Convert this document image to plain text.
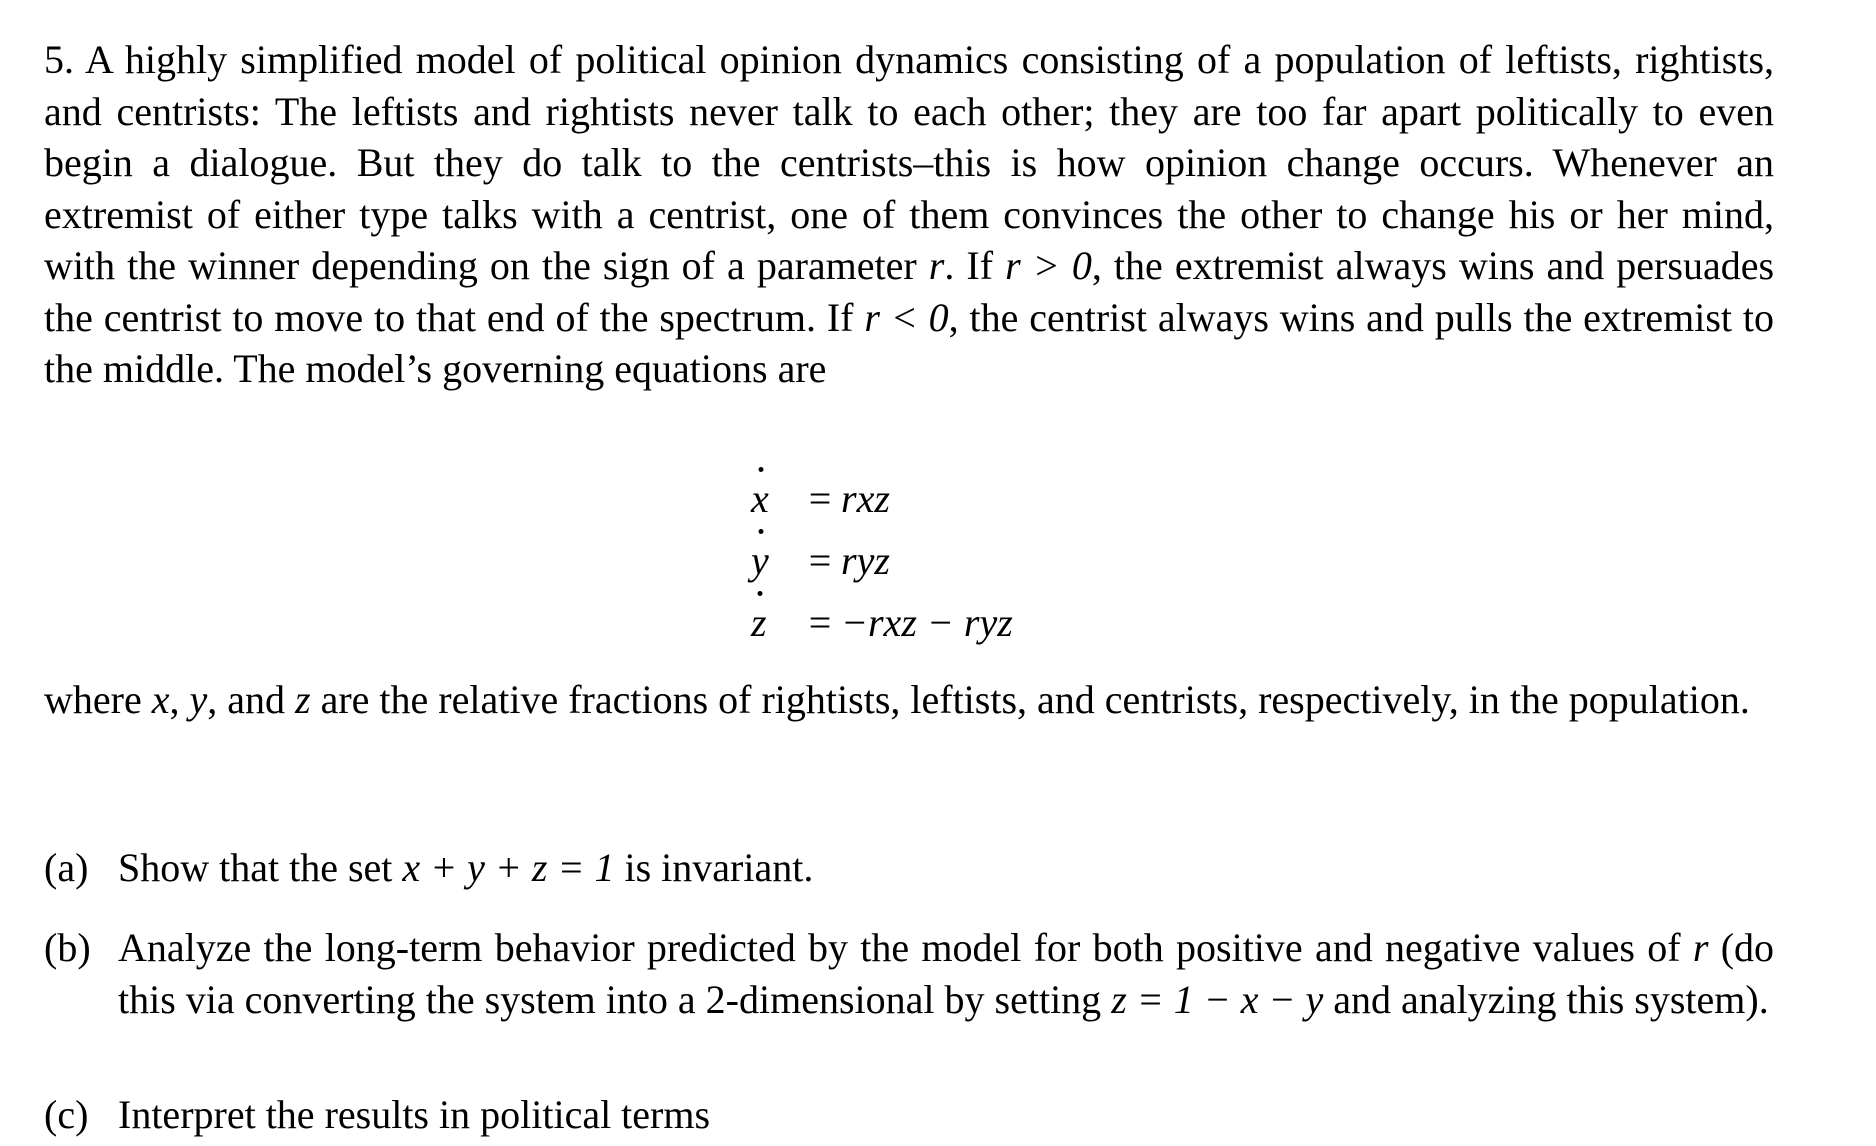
5. A highly simplified model of political opinion dynamics consisting of a population of leftists, rightists, and centrists: The leftists and rightists never talk to each other; they are too far apart politically to even begin a dialogue. But they do talk to the centrists–this is how opinion change occurs. Whenever an extremist of either type talks with a centrist, one of them convinces the other to change his or her mind, with the winner depending on the sign of a parameter r. If r > 0, the extremist always wins and persuades the centrist to move to that end of the spectrum. If r < 0, the centrist always wins and pulls the extremist to the middle. The model’s governing equations are

x = rxz
y = ryz
z	= −rxz − ryz

where x, y, and z are the relative fractions of rightists, leftists, and centrists, respectively, in the population.

(a) Show that the set x + y + z = 1 is invariant.
(b) Analyze the long-term behavior predicted by the model for both positive and negative values of r (do this via converting the system into a 2-dimensional by setting z = 1 − x − y and analyzing this system).
(c) Interpret the results in political terms
